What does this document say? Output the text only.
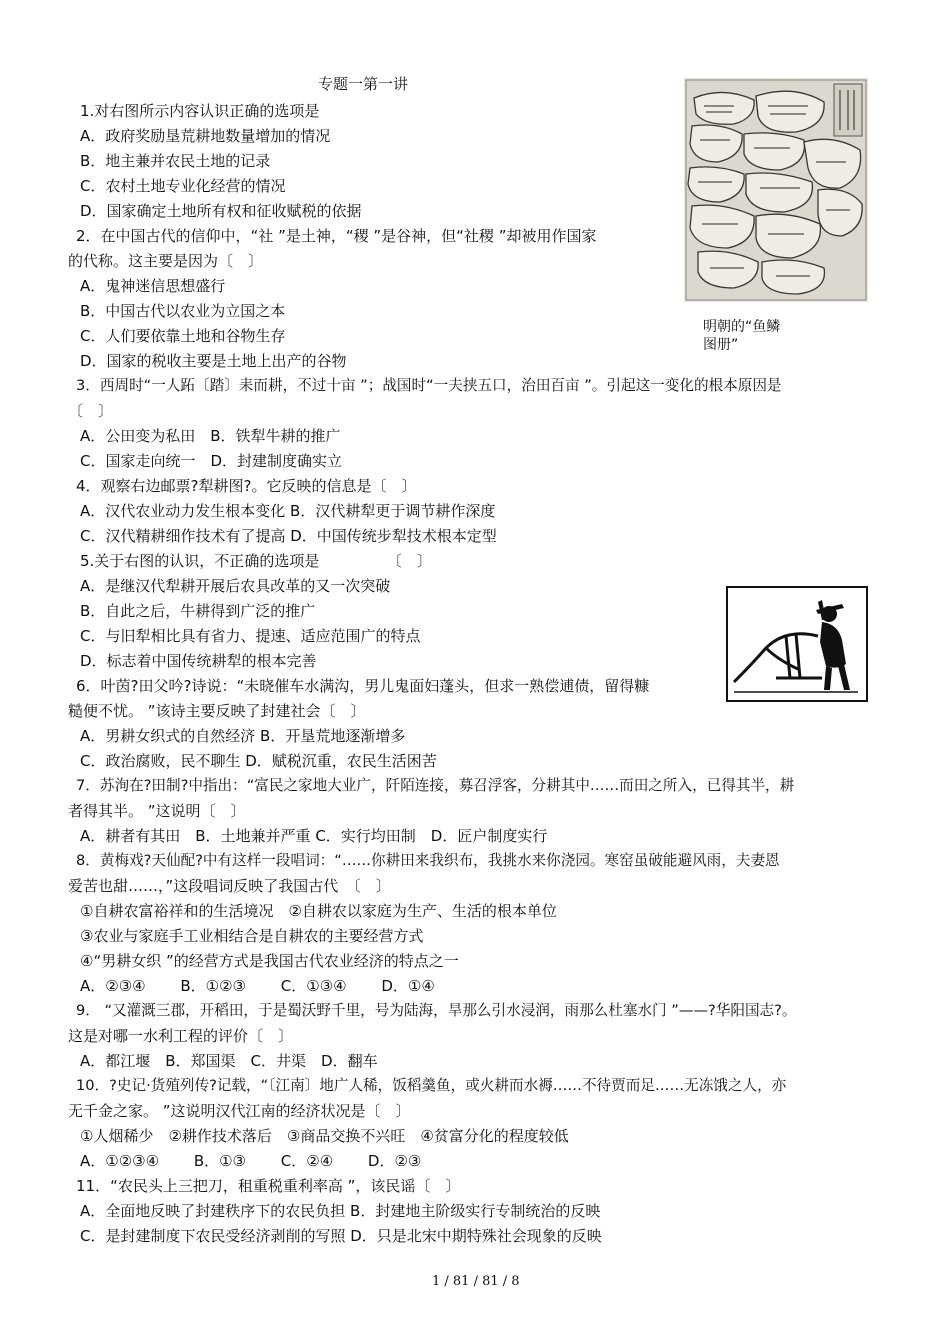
专题一第一讲
明朝的“鱼鳞
图册”
1.对右图所示内容认识正确的选项是
A．政府奖励垦荒耕地数量增加的情况
B．地主兼并农民土地的记录
C．农村土地专业化经营的情况
D．国家确定土地所有权和征收赋税的依据
2．在中国古代的信仰中，“社 ”是土神，“稷 ”是谷神，但“社稷 ”却被用作国家
的代称。这主要是因为〔　〕
A．鬼神迷信思想盛行
B．中国古代以农业为立国之本
C．人们要依靠土地和谷物生存
D．国家的税收主要是土地上出产的谷物
3．西周时“一人跖〔踏〕耒而耕，不过十亩 ”；战国时“一夫挟五口，治田百亩 ”。引起这一变化的根本原因是
〔　〕
A．公田变为私田　B．铁犁牛耕的推广
C．国家走向统一　D．封建制度确实立
4．观察右边邮票?犁耕图?。它反映的信息是〔　〕
A．汉代农业动力发生根本变化 B．汉代耕犁更于调节耕作深度
C．汉代精耕细作技术有了提高 D．中国传统步犁技术根本定型
5.关于右图的认识，不正确的选项是　　　　　〔　〕
A．是继汉代犁耕开展后农具改革的又一次突破
B．自此之后，牛耕得到广泛的推广
C．与旧犁相比具有省力、提速、适应范围广的特点
D．标志着中国传统耕犁的根本完善
6．叶茵?田父吟?诗说：“未晓催车水满沟，男儿鬼面妇蓬头，但求一熟偿逋债，留得糠
糙便不忧。 ”该诗主要反映了封建社会〔　〕
A．男耕女织式的自然经济 B．开垦荒地逐渐增多
C．政治腐败，民不聊生 D．赋税沉重，农民生活困苦
7．苏洵在?田制?中指出：“富民之家地大业广，阡陌连接，募召浮客，分耕其中……而田之所入，已得其半，耕
者得其半。 ”这说明〔　〕
A．耕者有其田　B．土地兼并严重 C．实行均田制　D．匠户制度实行
8．黄梅戏?天仙配?中有这样一段唱词：“……你耕田来我织布，我挑水来你浇园。寒窑虽破能避风雨，夫妻恩
爱苦也甜……，”这段唱词反映了我国古代　〔　〕
①自耕农富裕祥和的生活境况　②自耕农以家庭为生产、生活的根本单位
③农业与家庭手工业相结合是自耕农的主要经营方式
④“男耕女织 ”的经营方式是我国古代农业经济的特点之一
A．②③④　　 B．①②③　　 C．①③④　　 D．①④
9． “又灌溉三郡，开稻田，于是蜀沃野千里，号为陆海，旱那么引水浸润，雨那么杜塞水门 ”——?华阳国志?。
这是对哪一水利工程的评价〔　〕
A．都江堰　B．郑国渠　C．井渠　D．翻车
10．?史记·货殖列传?记载，“〔江南〕地广人稀，饭稻羹鱼，或火耕而水褥……不待贾而足……无冻饿之人，亦
无千金之家。 ”这说明汉代江南的经济状况是〔　〕
①人烟稀少　②耕作技术落后　③商品交换不兴旺　④贫富分化的程度较低
A．①②③④　　 B．①③　　 C．②④　　 D．②③
11．“农民头上三把刀，租重税重利率高 ”，该民谣〔　〕
A．全面地反映了封建秩序下的农民负担 B．封建地主阶级实行专制统治的反映
C．是封建制度下农民受经济剥削的写照 D．只是北宋中期特殊社会现象的反映
1 / 81 / 81 / 8
